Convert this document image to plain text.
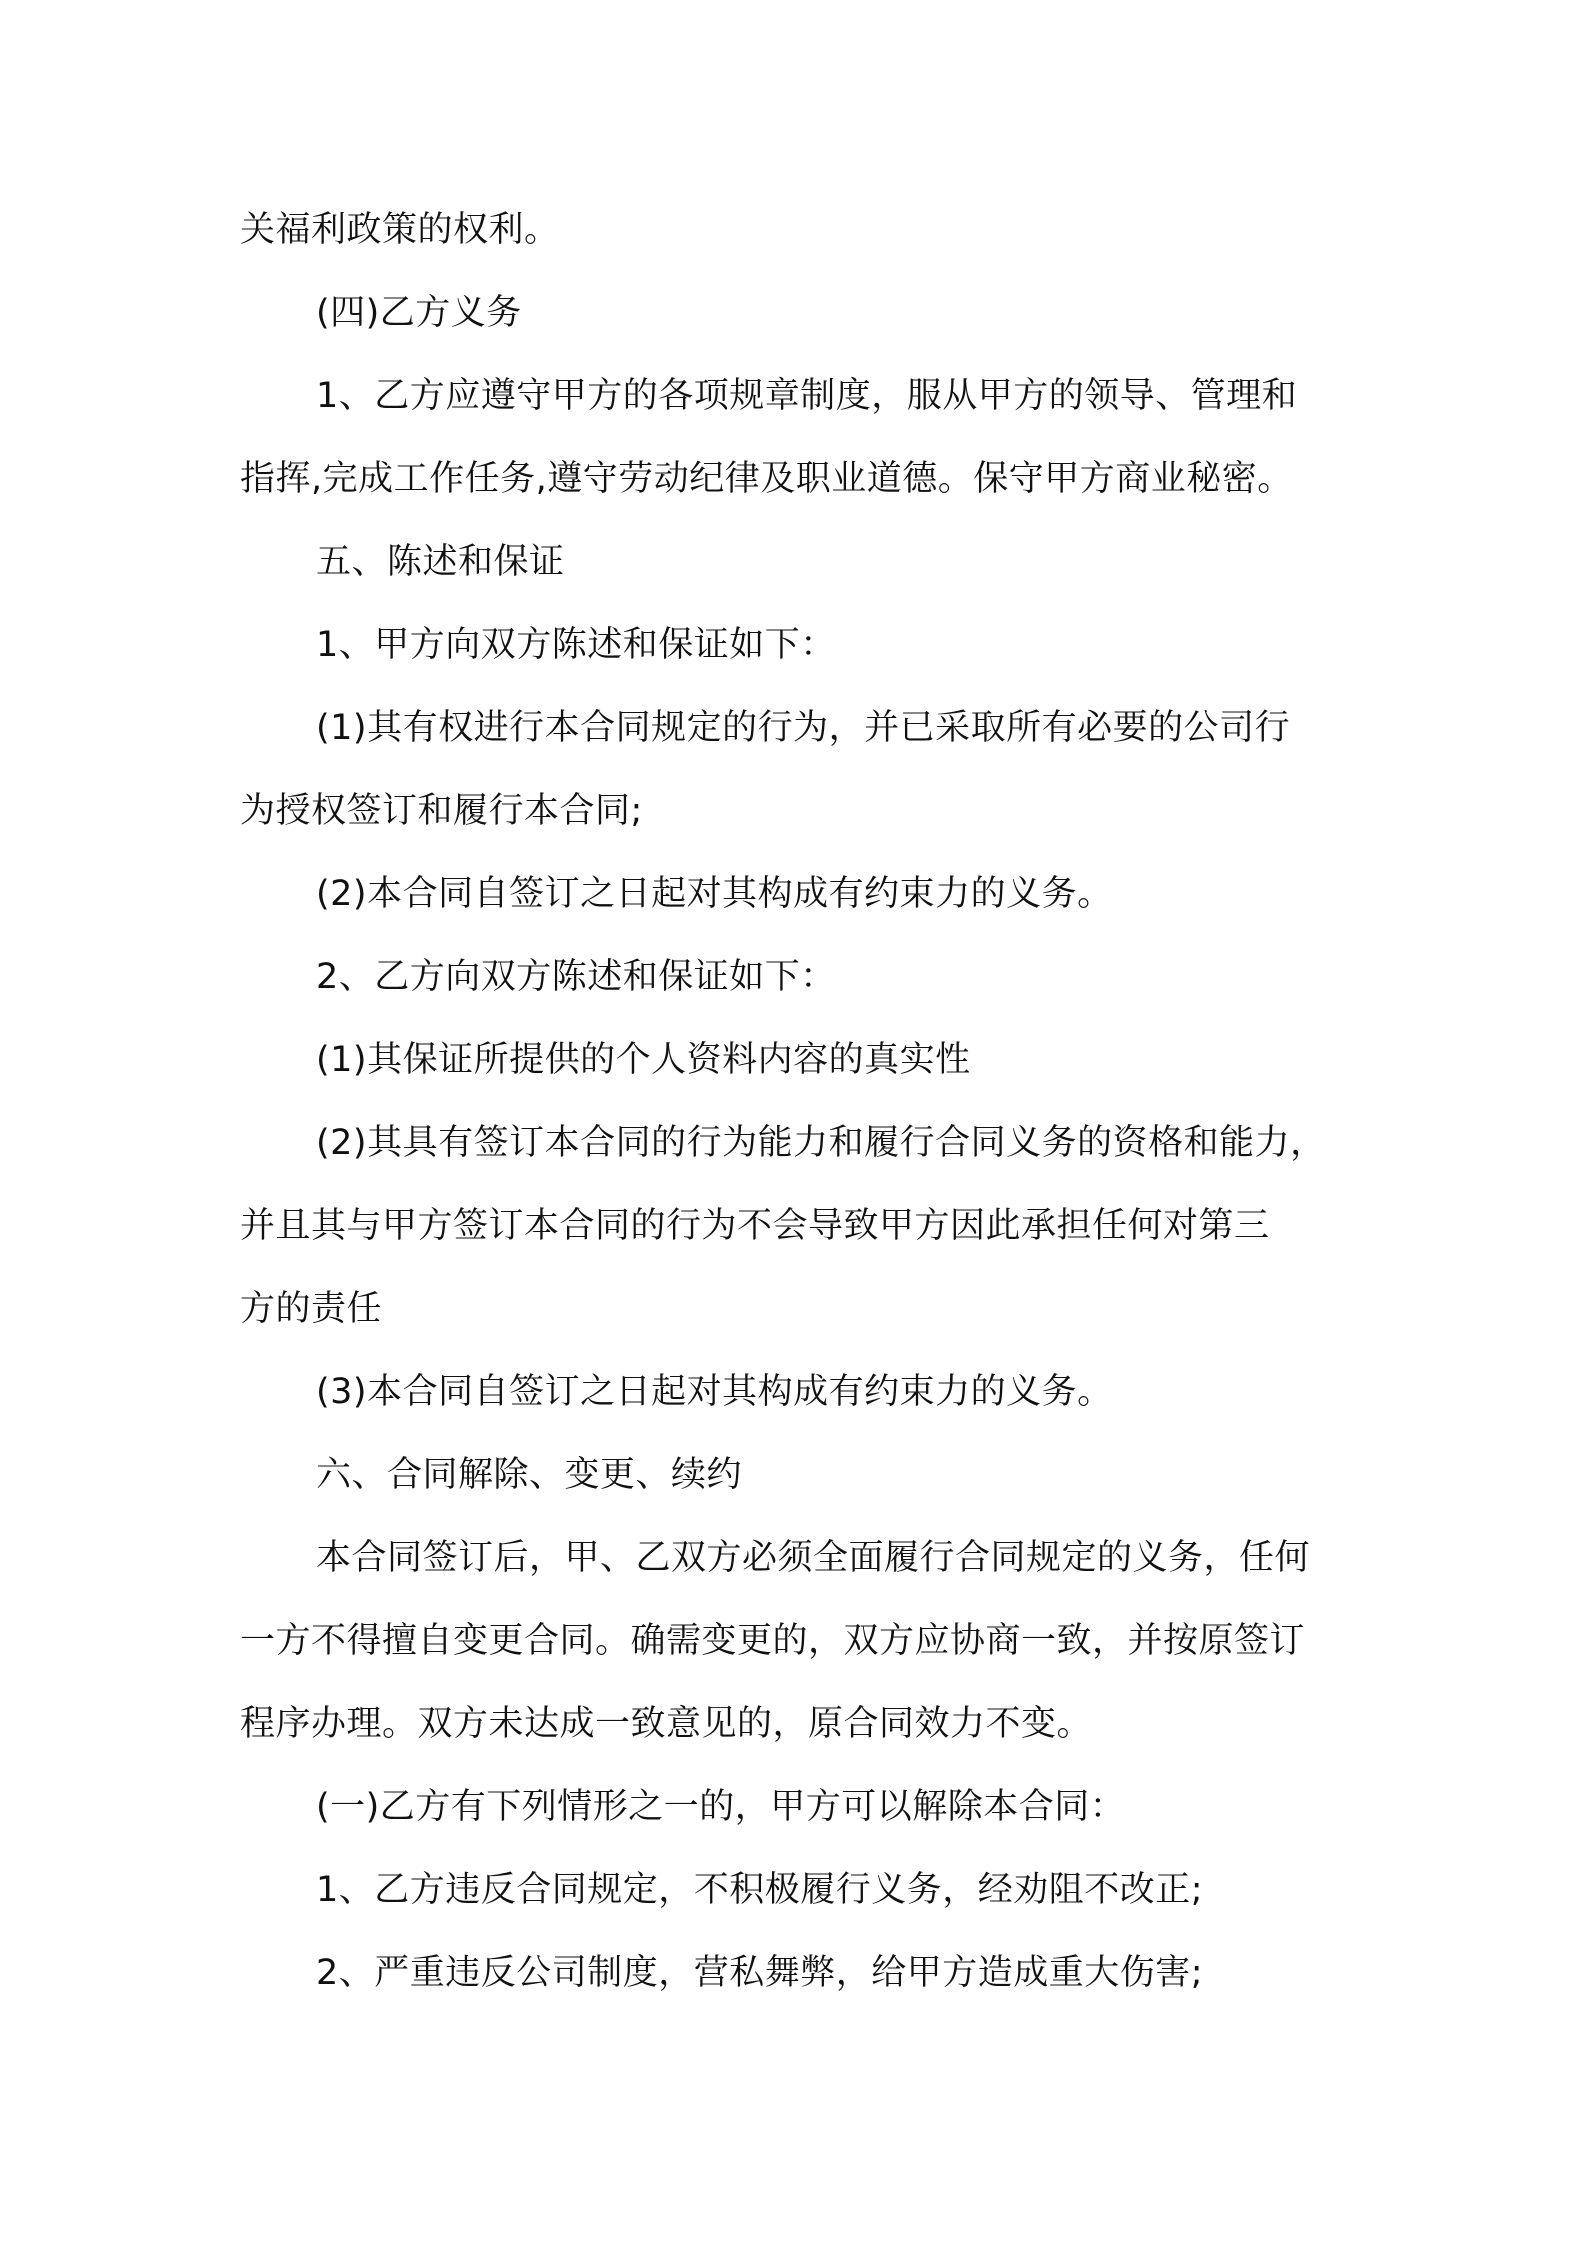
关福利政策的权利。
(四)乙方义务
1、乙方应遵守甲方的各项规章制度，服从甲方的领导、管理和
指挥,完成工作任务,遵守劳动纪律及职业道德。保守甲方商业秘密。
五、陈述和保证
1、甲方向双方陈述和保证如下：
(1)其有权进行本合同规定的行为，并已采取所有必要的公司行
为授权签订和履行本合同;
(2)本合同自签订之日起对其构成有约束力的义务。
2、乙方向双方陈述和保证如下：
(1)其保证所提供的个人资料内容的真实性
(2)其具有签订本合同的行为能力和履行合同义务的资格和能力，
并且其与甲方签订本合同的行为不会导致甲方因此承担任何对第三
方的责任
(3)本合同自签订之日起对其构成有约束力的义务。
六、合同解除、变更、续约
本合同签订后，甲、乙双方必须全面履行合同规定的义务，任何
一方不得擅自变更合同。确需变更的，双方应协商一致，并按原签订
程序办理。双方未达成一致意见的，原合同效力不变。
(一)乙方有下列情形之一的，甲方可以解除本合同：
1、乙方违反合同规定，不积极履行义务，经劝阻不改正;
2、严重违反公司制度，营私舞弊，给甲方造成重大伤害;
